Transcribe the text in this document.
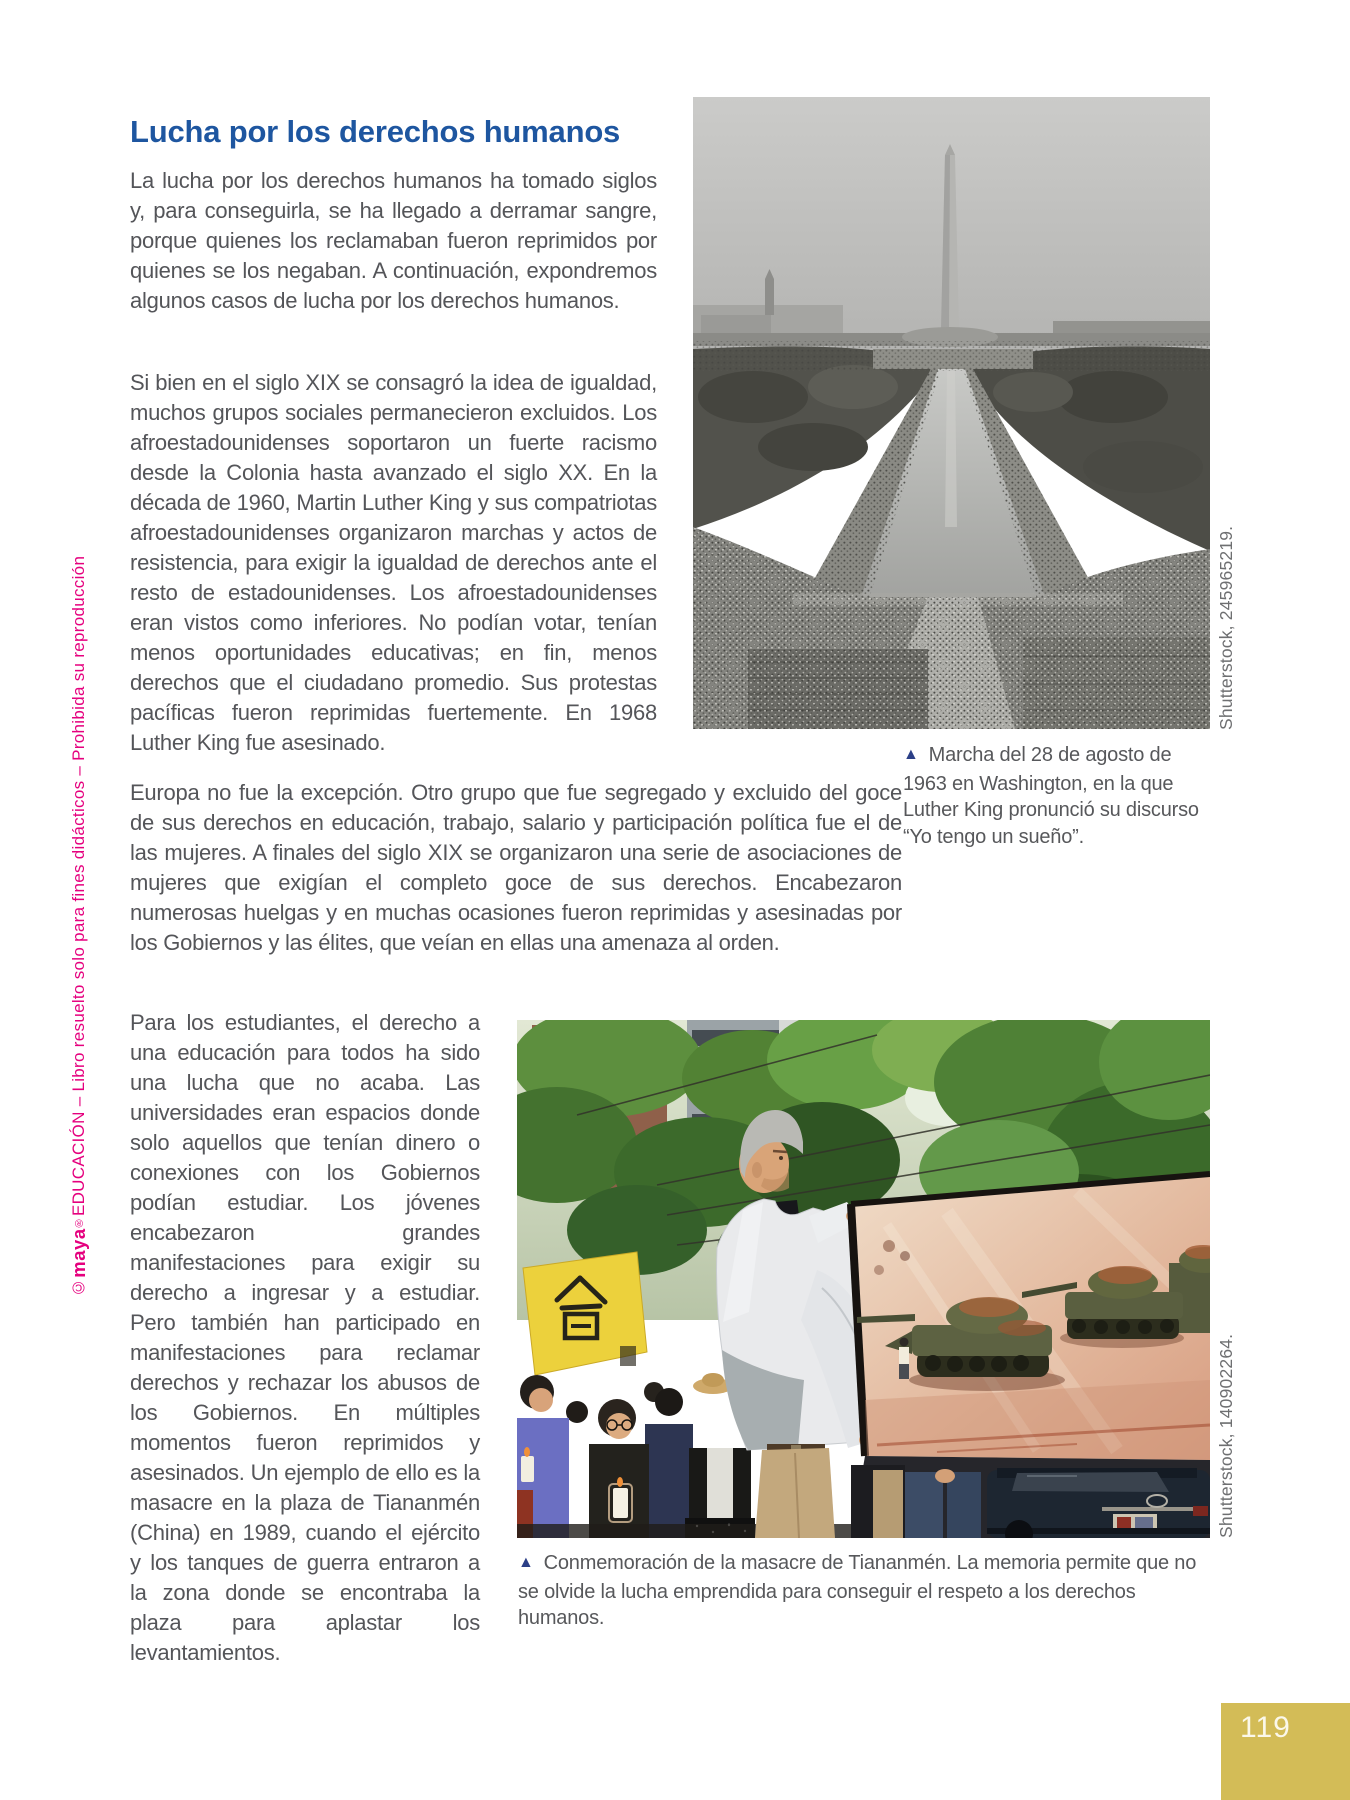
©maya®EDUCACIÓN – Libro resuelto solo para fines didácticos – Prohibida su reproducción
Lucha por los derechos humanos

La lucha por los derechos humanos ha tomado siglos y, para conseguirla, se ha llegado a derramar sangre, porque quienes los reclamaban fueron reprimidos por quienes se los negaban. A continuación, expondremos algunos casos de lucha por los derechos humanos.

Si bien en el siglo XIX se consagró la idea de igualdad, muchos grupos sociales permanecieron excluidos. Los afroestadounidenses soportaron un fuerte racismo desde la Colonia hasta avanzado el siglo XX. En la década de 1960, Martin Luther King y sus compatriotas afroestadounidenses organizaron marchas y actos de resistencia, para exigir la igualdad de derechos ante el resto de estadounidenses. Los afroestadounidenses eran vistos como inferiores. No podían votar, tenían menos oportunidades educativas; en fin, menos derechos que el ciudadano promedio. Sus protestas pacíficas fueron reprimidas fuertemente. En 1968 Luther King fue asesinado.

Europa no fue la excepción. Otro grupo que fue segregado y excluido del goce de sus derechos en educación, trabajo, salario y participación política fue el de las mujeres. A finales del siglo XIX se organizaron una serie de asociaciones de mujeres que exigían el completo goce de sus derechos. Encabezaron numerosas huelgas y en muchas ocasiones fueron reprimidas y asesinadas por los Gobiernos y las élites, que veían en ellas una amenaza al orden.

Para los estudiantes, el derecho a una educación para todos ha sido una lucha que no acaba. Las universidades eran espacios donde solo aquellos que tenían dinero o conexiones con los Gobiernos podían estudiar. Los jóvenes encabezaron grandes manifestaciones para exigir su derecho a ingresar y a estudiar. Pero también han participado en manifestaciones para reclamar derechos y rechazar los abusos de los Gobiernos. En múltiples momentos fueron reprimidos y asesinados. Un ejemplo de ello es la masacre en la plaza de Tiananmén (China) en 1989, cuando el ejército y los tanques de guerra entraron a la zona donde se encontraba la plaza para aplastar los levantamientos.

▲ Marcha del 28 de agosto de 1963 en Washington, en la que Luther King pronunció su discurso “Yo tengo un sueño”.
Shutterstock, 245965219.
▲ Conmemoración de la masacre de Tiananmén. La memoria permite que no se olvide la lucha emprendida para conseguir el respeto a los derechos humanos.
Shutterstock, 140902264.
119
